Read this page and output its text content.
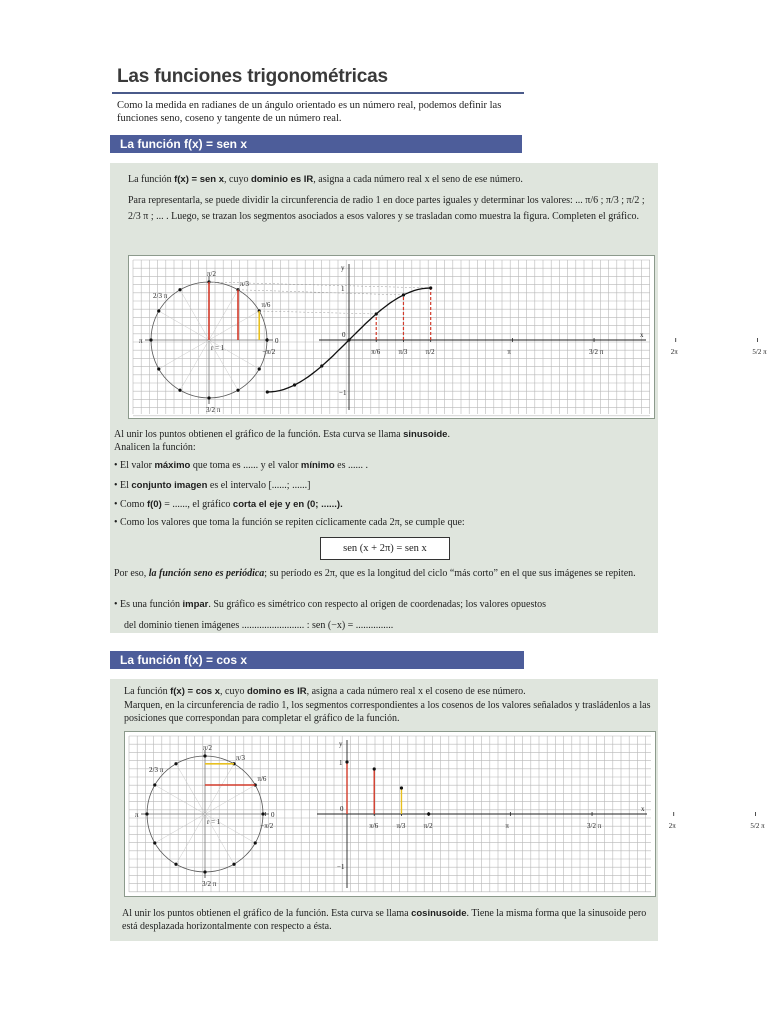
Las funciones trigonométricas
Como la medida en radianes de un ángulo orientado es un número real, podemos definir las funciones seno, coseno y tangente de un número real.
La función f(x) = sen x
La función f(x) = sen x, cuyo dominio es IR, asigna a cada número real x el seno de ese número.
Para representarla, se puede dividir la circunferencia de radio 1 en doce partes iguales y determinar los valores: ... π/6 ; π/3 ; π/2 ; 2/3 π ; ... . Luego, se trazan los segmentos asociados a esos valores y se trasladan como muestra la figura. Completen el gráfico.
0
π
π/2
3/2 π
2/3 π
π/3
π/6
r = 1
y
x
1
−1
0
−π/2	π/6	π/3	π/2	π	3/2 π	2π	5/2 π
Al unir los puntos obtienen el gráfico de la función. Esta curva se llama sinusoide.
Analicen la función:
• El valor máximo que toma es ...... y el valor mínimo es ...... .
• El conjunto imagen es el intervalo [......; ......]
• Como f(0) = ......, el gráfico corta el eje y en (0; ......).
• Como los valores que toma la función se repiten cíclicamente cada 2π, se cumple que:
sen (x + 2π) = sen x
Por eso, la función seno es periódica; su período es 2π, que es la longitud del ciclo “más corto” en el que sus imágenes se repiten.
• Es una función impar. Su gráfico es simétrico con respecto al origen de coordenadas; los valores opuestos
del dominio tienen imágenes ......................... : sen (−x) = ...............
La función f(x) = cos x
La función f(x) = cos x, cuyo domino es IR, asigna a cada número real x el coseno de ese número.
Marquen, en la circunferencia de radio 1, los segmentos correspondientes a los cosenos de los valores señalados y trasládenlos a las posiciones que correspondan para completar el gráfico de la función.
0
π
π/2
3/2 π
2/3 π
π/3
π/6
r = 1
y
x
1
−1
0
−π/2	π/6	π/3	π/2	π	3/2 π	2π	5/2 π
Al unir los puntos obtienen el gráfico de la función. Esta curva se llama cosinusoide. Tiene la misma forma que la sinusoide pero está desplazada horizontalmente con respecto a ésta.
